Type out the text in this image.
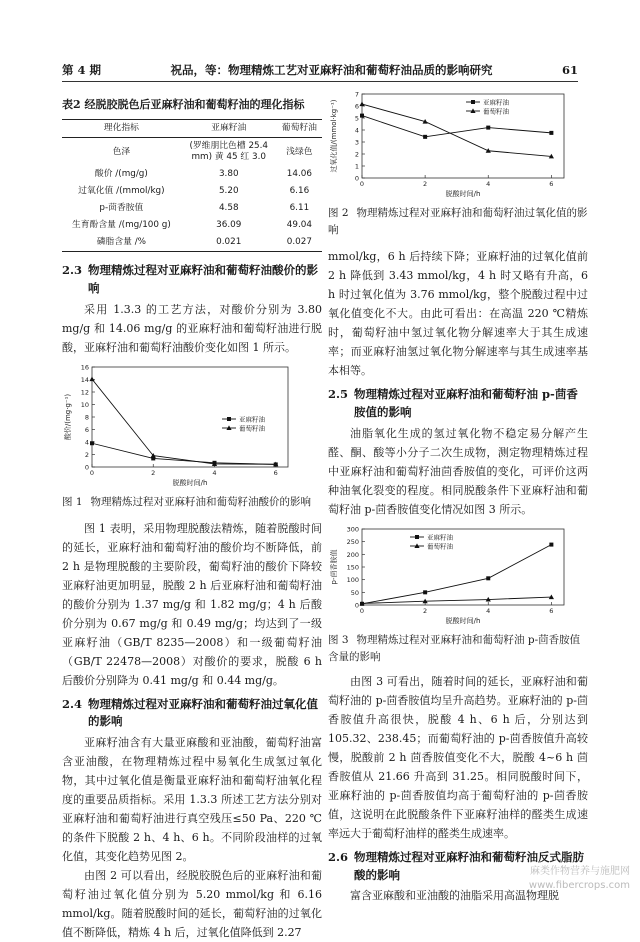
第 4 期	祝品，等：物理精炼工艺对亚麻籽油和葡萄籽油品质的影响研究	61
表2 经脱胶脱色后亚麻籽油和葡萄籽油的理化指标
理化指标	亚麻籽油	葡萄籽油
色泽	(罗维朋比色槽 25.4 mm) 黄 45 红 3.0	浅绿色
酸价 /(mg/g)	3.80	14.06
过氧化值 /(mmol/kg)	5.20	6.16
p-茴香胺值	4.58	6.11
生育酚含量 /(mg/100 g)	36.09	49.04
磷脂含量 /%	0.021	0.027
2.3 物理精炼过程对亚麻籽油和葡萄籽油酸价的影响

采用 1.3.3 的工艺方法，对酸价分别为 3.80 mg/g 和 14.06 mg/g 的亚麻籽油和葡萄籽油进行脱酸，亚麻籽油和葡萄籽油酸价变化如图 1 所示。

0
2
4
6
8
10
12
14
16
0	2	4	6
脱酸时间/h
酸价/(mg·g⁻¹)	亚麻籽油
葡萄籽油
图 1 物理精炼过程对亚麻籽油和葡萄籽油酸价的影响

图 1 表明，采用物理脱酸法精炼，随着脱酸时间的延长，亚麻籽油和葡萄籽油的酸价均不断降低，前 2 h 是物理脱酸的主要阶段，葡萄籽油的酸价下降较亚麻籽油更加明显，脱酸 2 h 后亚麻籽油和葡萄籽油的酸价分别为 1.37 mg/g 和 1.82 mg/g；4 h 后酸价分别为 0.67 mg/g 和 0.49 mg/g；均达到了一级亚麻籽油（GB/T 8235—2008）和一级葡萄籽油（GB/T 22478—2008）对酸价的要求，脱酸 6 h 后酸价分别降为 0.41 mg/g 和 0.44 mg/g。

2.4 物理精炼过程对亚麻籽油和葡萄籽油过氧化值的影响

亚麻籽油含有大量亚麻酸和亚油酸，葡萄籽油富含亚油酸，在物理精炼过程中易氧化生成氢过氧化物，其中过氧化值是衡量亚麻籽油和葡萄籽油氧化程度的重要品质指标。采用 1.3.3 所述工艺方法分别对亚麻籽油和葡萄籽油进行真空残压≤50 Pa、220 ℃的条件下脱酸 2 h、4 h、6 h。不同阶段油样的过氧化值，其变化趋势见图 2。

由图 2 可以看出，经脱胶脱色后的亚麻籽油和葡萄籽油过氧化值分别为 5.20 mmol/kg 和 6.16 mmol/kg。随着脱酸时间的延长，葡萄籽油的过氧化值不断降低，精炼 4 h 后，过氧化值降低到 2.27

0
1
2
3
4
5
6
7
0	2	4	6
脱酸时间/h
过氧化值/(mmol·kg⁻¹)	亚麻籽油
葡萄籽油
图 2 物理精炼过程对亚麻籽油和葡萄籽油过氧化值的影响

mmol/kg，6 h 后持续下降；亚麻籽油的过氧化值前 2 h 降低到 3.43 mmol/kg，4 h 时又略有升高，6 h 时过氧化值为 3.76 mmol/kg，整个脱酸过程中过氧化值变化不大。由此可看出：在高温 220 ℃精炼时，葡萄籽油中氢过氧化物分解速率大于其生成速率；而亚麻籽油氢过氧化物分解速率与其生成速率基本相等。

2.5 物理精炼过程对亚麻籽油和葡萄籽油 p-茴香胺值的影响

油脂氧化生成的氢过氧化物不稳定易分解产生醛、酮、酸等小分子二次生成物，测定物理精炼过程中亚麻籽油和葡萄籽油茴香胺值的变化，可评价这两种油氧化裂变的程度。相同脱酸条件下亚麻籽油和葡萄籽油 p-茴香胺值变化情况如图 3 所示。

0
50
100
150
200
250
300
0	2	4	6
脱酸时间/h
p-茴香胺值
亚麻籽油
葡萄籽油
图 3 物理精炼过程对亚麻籽油和葡萄籽油 p-茴香胺值含量的影响

由图 3 可看出，随着时间的延长，亚麻籽油和葡萄籽油的 p-茴香胺值均呈升高趋势。亚麻籽油的 p-茴香胺值升高很快，脱酸 4 h、6 h 后，分别达到 105.32、238.45；而葡萄籽油的 p-茴香胺值升高较慢，脱酸前 2 h 茴香胺值变化不大，脱酸 4~6 h 茴香胺值从 21.66 升高到 31.25。相同脱酸时间下，亚麻籽油的 p-茴香胺值均高于葡萄籽油的 p-茴香胺值，这说明在此脱酸条件下亚麻籽油样的醛类生成速率远大于葡萄籽油样的醛类生成速率。

2.6 物理精炼过程对亚麻籽油和葡萄籽油反式脂肪酸的影响

富含亚麻酸和亚油酸的油脂采用高温物理脱

麻类作物营养与施肥网
www.fibercrops.com
